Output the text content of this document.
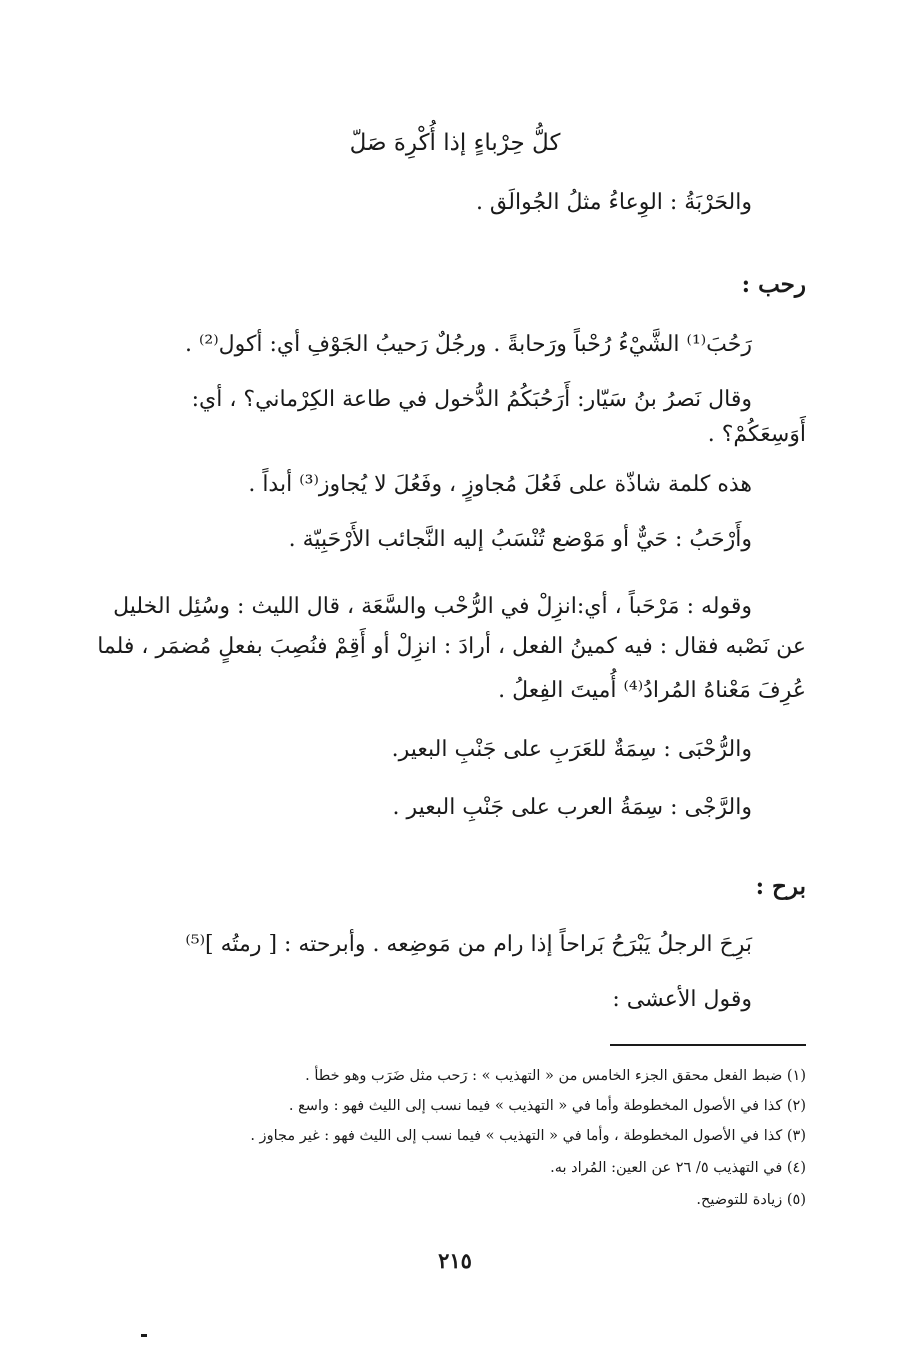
كلُّ حِرْباءٍ إذا أُكْرِهَ صَلّ
والحَرْبَةُ : الوِعاءُ مثلُ الجُوالَق .
رحب :
رَحُبَ⁽¹⁾ الشَّيْءُ رُحْباً ورَحابةً . ورجُلٌ رَحيبُ الجَوْفِ أي: أكول⁽²⁾ .
وقال نَصرُ بنُ سَيّار: أَرَحُبَكُمُ الدُّخول في طاعة الكِرْماني؟ ، أي:
أَوَسِعَكُمْ؟ .
هذه كلمة شاذّة على فَعُلَ مُجاوزٍ ، وفَعُلَ لا يُجاوز⁽³⁾ أبداً .
وأَرْحَبُ : حَيٌّ أو مَوْضع تُنْسَبُ إليه النَّجائب الأَرْحَبِيّة .
وقوله : مَرْحَباً ، أي:انزِلْ في الرُّحْب والسَّعَة ، قال الليث : وسُئِل الخليل
عن نَصْبه فقال : فيه كمينُ الفعل ، أرادَ : انزِلْ أو أَقِمْ فنُصِبَ بفعلٍ مُضمَر ، فلما
عُرِفَ مَعْناهُ المُرادُ⁽⁴⁾ أُميتَ الفِعلُ .
والرُّحْبَى : سِمَةٌ للعَرَبِ على جَنْبِ البعير.
والرَّجْى : سِمَةُ العرب على جَنْبِ البعير .
برح :
بَرِحَ الرجلُ يَبْرَحُ بَراحاً إذا رام من مَوضِعه . وأبرحته : [ رمتُه ]⁽⁵⁾
وقول الأعشى :
(١) ضبط الفعل محقق الجزء الخامس من « التهذيب » : رَحب مثل ضَرَب وهو خطأ .
(٢) كذا في الأصول المخطوطة وأما في « التهذيب » فيما نسب إلى الليث فهو : واسع .
(٣) كذا في الأصول المخطوطة ، وأما في « التهذيب » فيما نسب إلى الليث فهو : غير مجاوز .
(٤) في التهذيب ٥/ ٢٦ عن العين: المُراد به.
(٥) زيادة للتوضيح.
٢١٥
